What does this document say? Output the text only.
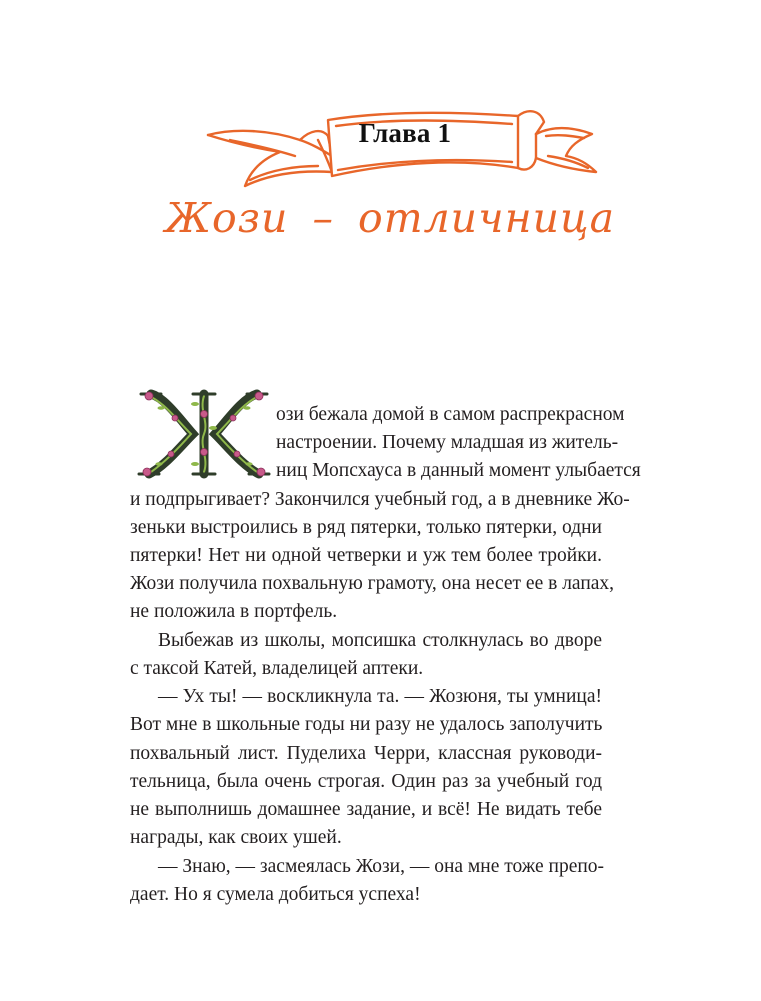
Глава 1
Жози – отличница
ози бежала домой в самом распрекрасном
настроении. Почему младшая из житель-
ниц Мопсхауса в данный момент улыбается
и подпрыгивает? Закончился учебный год, а в дневнике Жо-
зеньки выстроились в ряд пятерки, только пятерки, одни
пятерки! Нет ни одной четверки и уж тем более тройки.
Жози получила похвальную грамоту, она несет ее в лапах,
не положила в портфель.
Выбежав из школы, мопсишка столкнулась во дворе
с таксой Катей, владелицей аптеки.
— Ух ты! — воскликнула та. — Жозюня, ты умница!
Вот мне в школьные годы ни разу не удалось заполучить
похвальный лист. Пуделиха Черри, классная руководи-
тельница, была очень строгая. Один раз за учебный год
не выполнишь домашнее задание, и всё! Не видать тебе
награды, как своих ушей.
— Знаю, — засмеялась Жози, — она мне тоже препо-
дает. Но я сумела добиться успеха!
